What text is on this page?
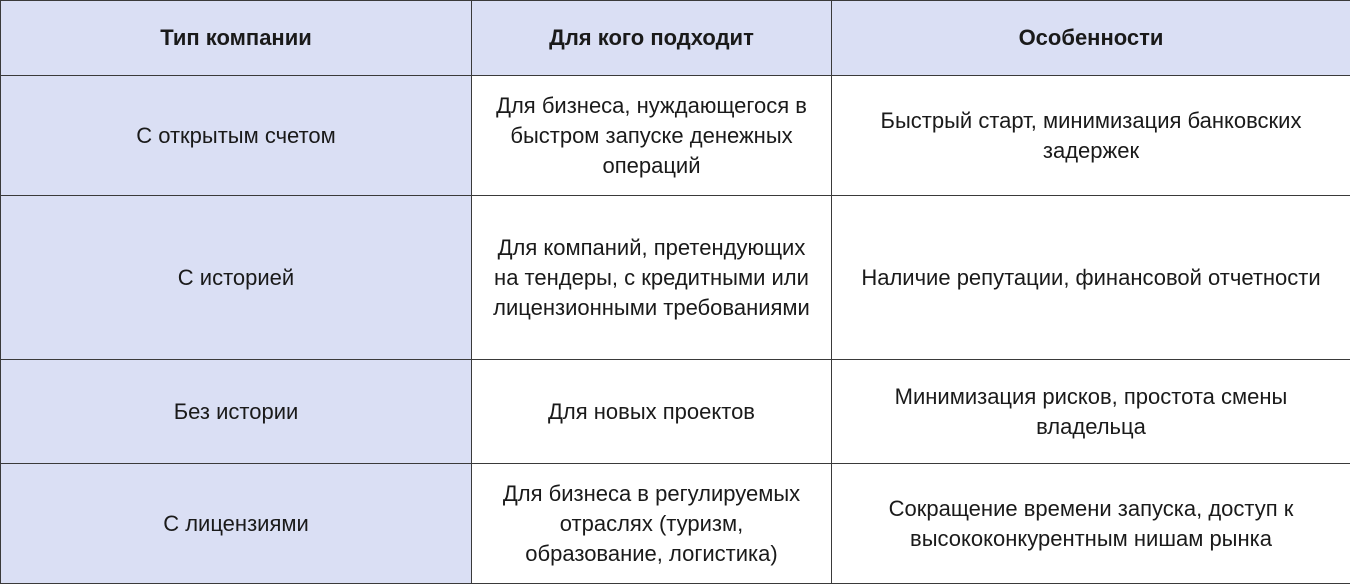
Тип компании	Для кого подходит	Особенности
С открытым счетом	Для бизнеса, нуждающегося в быстром запуске денежных операций	Быстрый старт, минимизация банковских задержек
С историей	Для компаний, претендующих на тендеры, с кредитными или лицензионными требованиями	Наличие репутации, финансовой отчетности
Без истории	Для новых проектов	Минимизация рисков, простота смены владельца
С лицензиями	Для бизнеса в регулируемых отраслях (туризм, образование, логистика)	Сокращение времени запуска, доступ к высококонкурентным нишам рынка
